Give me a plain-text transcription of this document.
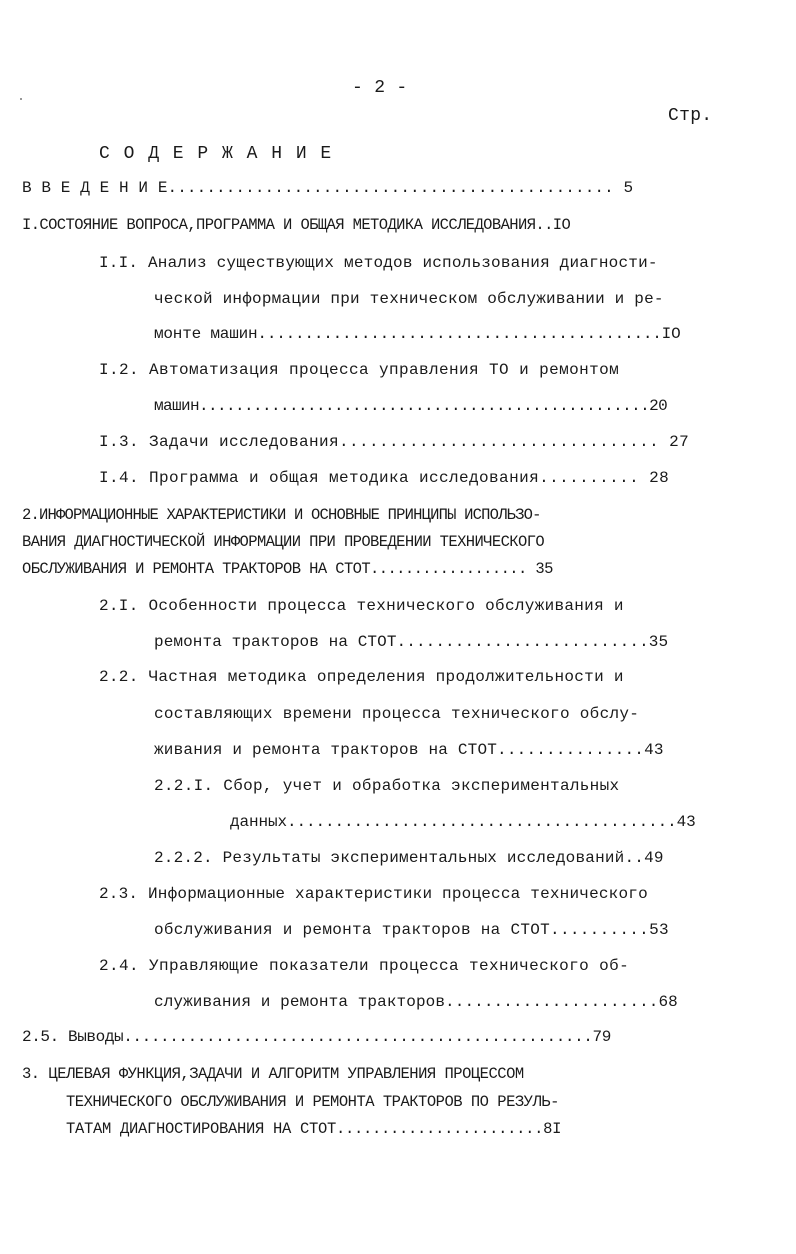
- 2 -
Стр.
С О Д Е Р Ж А Н И Е
В В Е Д Е Н И Е.............................................. 5
I.СОСТОЯНИЕ ВОПРОСА,ПРОГРАММА И ОБЩАЯ МЕТОДИКА ИССЛЕДОВАНИЯ..IО
I.I. Анализ существующих методов использования диагности-
ческой информации при техническом обслуживании и ре-
монте машин...........................................IО
I.2. Автоматизация процесса управления ТО и ремонтом
машин..................................................20
I.3. Задачи исследования................................ 27
I.4. Программа и общая методика исследования.......... 28
2.ИНФОРМАЦИОННЫЕ ХАРАКТЕРИСТИКИ И ОСНОВНЫЕ ПРИНЦИПЫ ИСПОЛЬЗО-
ВАНИЯ ДИАГНОСТИЧЕСКОЙ ИНФОРМАЦИИ ПРИ ПРОВЕДЕНИИ ТЕХНИЧЕСКОГО
ОБСЛУЖИВАНИЯ И РЕМОНТА ТРАКТОРОВ НА СТОТ.................. 35
2.I. Особенности процесса технического обслуживания и
ремонта тракторов на СТОТ..........................35
2.2. Частная методика определения продолжительности и
составляющих времени процесса технического обслу-
живания и ремонта тракторов на СТОТ...............43
2.2.I. Сбор, учет и обработка экспериментальных
данных.........................................43
2.2.2. Результаты экспериментальных исследований..49
2.3. Информационные характеристики процесса технического
обслуживания и ремонта тракторов на СТОТ..........53
2.4. Управляющие показатели процесса технического об-
служивания и ремонта тракторов......................68
2.5. Выводы...................................................79
3. ЦЕЛЕВАЯ ФУНКЦИЯ,ЗАДАЧИ И АЛГОРИТМ УПРАВЛЕНИЯ ПРОЦЕССОМ
ТЕХНИЧЕСКОГО ОБСЛУЖИВАНИЯ И РЕМОНТА ТРАКТОРОВ ПО РЕЗУЛЬ-
ТАТАМ ДИАГНОСТИРОВАНИЯ НА СТОТ.......................8I
